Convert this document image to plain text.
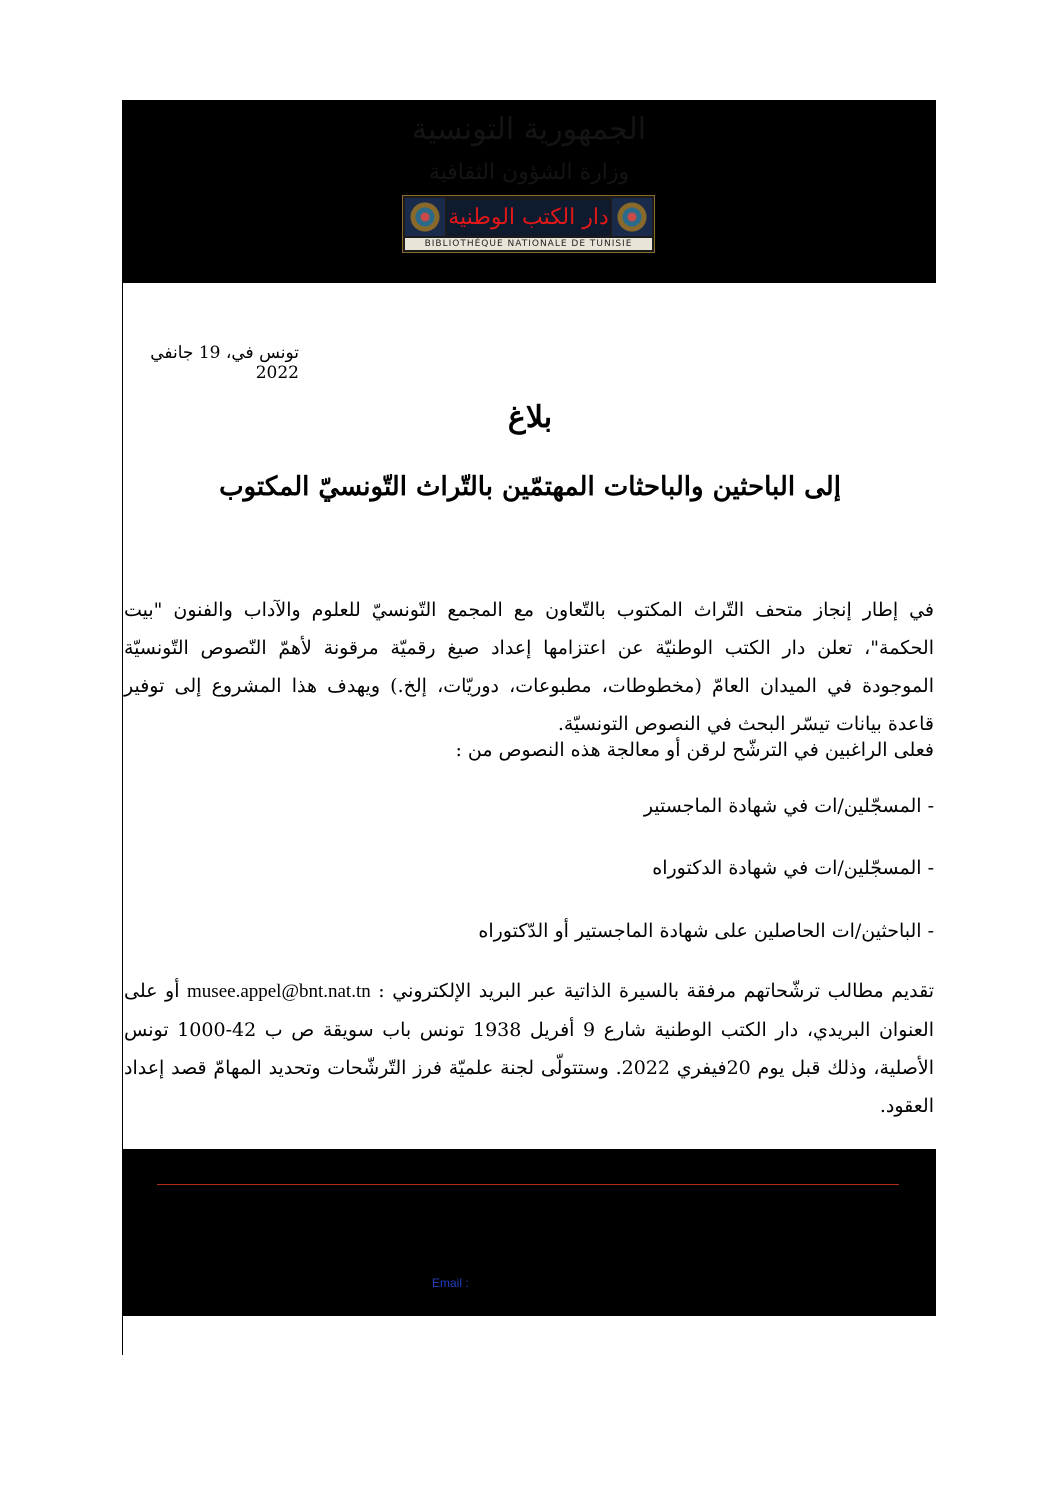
الجمهورية التونسية
وزارة الشؤون الثقافية
دار الكتب الوطنية
BIBLIOTHÈQUE NATIONALE DE TUNISIE
تونس في، 19 جانفي 2022
بلاغ
إلى الباحثين والباحثات المهتمّين بالتّراث التّونسيّ المكتوب
في إطار إنجاز متحف التّراث المكتوب بالتّعاون مع المجمع التّونسيّ للعلوم والآداب والفنون "بيت الحكمة"، تعلن دار الكتب الوطنيّة عن اعتزامها إعداد صيغ رقميّة مرقونة لأهمّ النّصوص التّونسيّة الموجودة في الميدان العامّ (مخطوطات، مطبوعات، دوريّات، إلخ.) ويهدف هذا المشروع إلى توفير قاعدة بيانات تيسّر البحث في النصوص التونسيّة.
فعلى الراغبين في الترشّح لرقن أو معالجة هذه النصوص من :
- المسجّلين/ات في شهادة الماجستير
- المسجّلين/ات في شهادة الدكتوراه
- الباحثين/ات الحاصلين على شهادة الماجستير أو الدّكتوراه
تقديم مطالب ترشّحاتهم مرفقة بالسيرة الذاتية عبر البريد الإلكتروني : musee.appel@bnt.nat.tn أو على العنوان البريدي، دار الكتب الوطنية شارع 9 أفريل 1938 تونس باب سويقة ص ب 42-1000 تونس الأصلية، وذلك قبل يوم 20فيفري 2022. وستتولّى لجنة علميّة فرز التّرشّحات وتحديد المهامّ قصد إعداد العقود.
Email :
